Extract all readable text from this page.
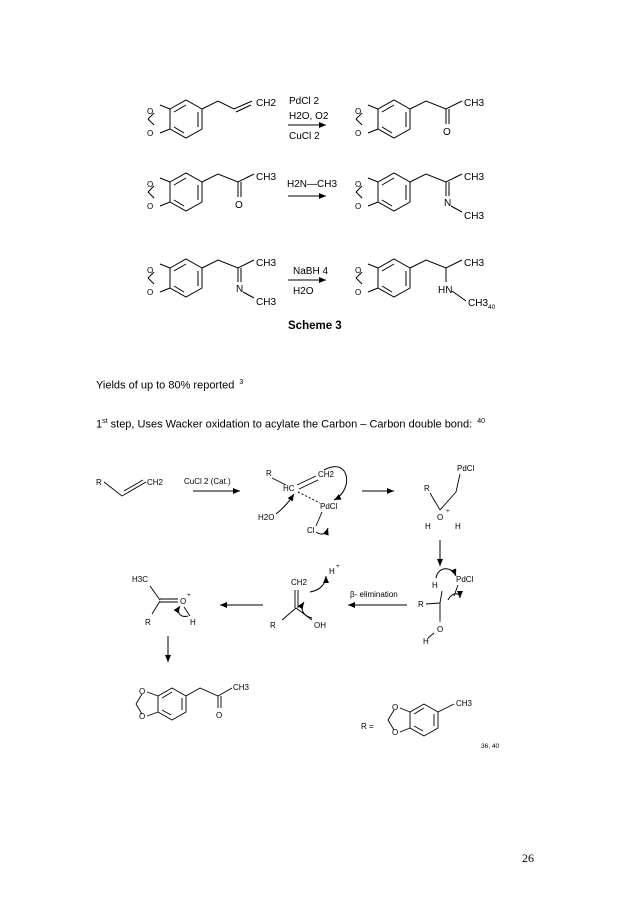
O
O
CH2 PdCl 2
H2O, O2
CuCl 2
O
O
CH3
O
O
O
CH3
O
H2N—CH3 O
O
CH3
N
CH3
O
O
CH3
N
CH3
NaBH 4
H2O
O
O
CH3
HN
CH3 40
R	CH2	CuCl 2 (Cat.)
R
HC
CH2
PdCl
H2O
Cl
PdCl
R
O
+
H	H
H
PdCl
R
O
H
β- elimination
H
+
CH2
R	OH
H3C
O
+
R	H
O
O
CH3
O
R =
O
O
CH3
36, 40
Scheme 3
Yields of up to 80% reported $^3$
1st step, Uses Wacker oxidation to acylate the Carbon – Carbon double bond: $^{40}$
26
